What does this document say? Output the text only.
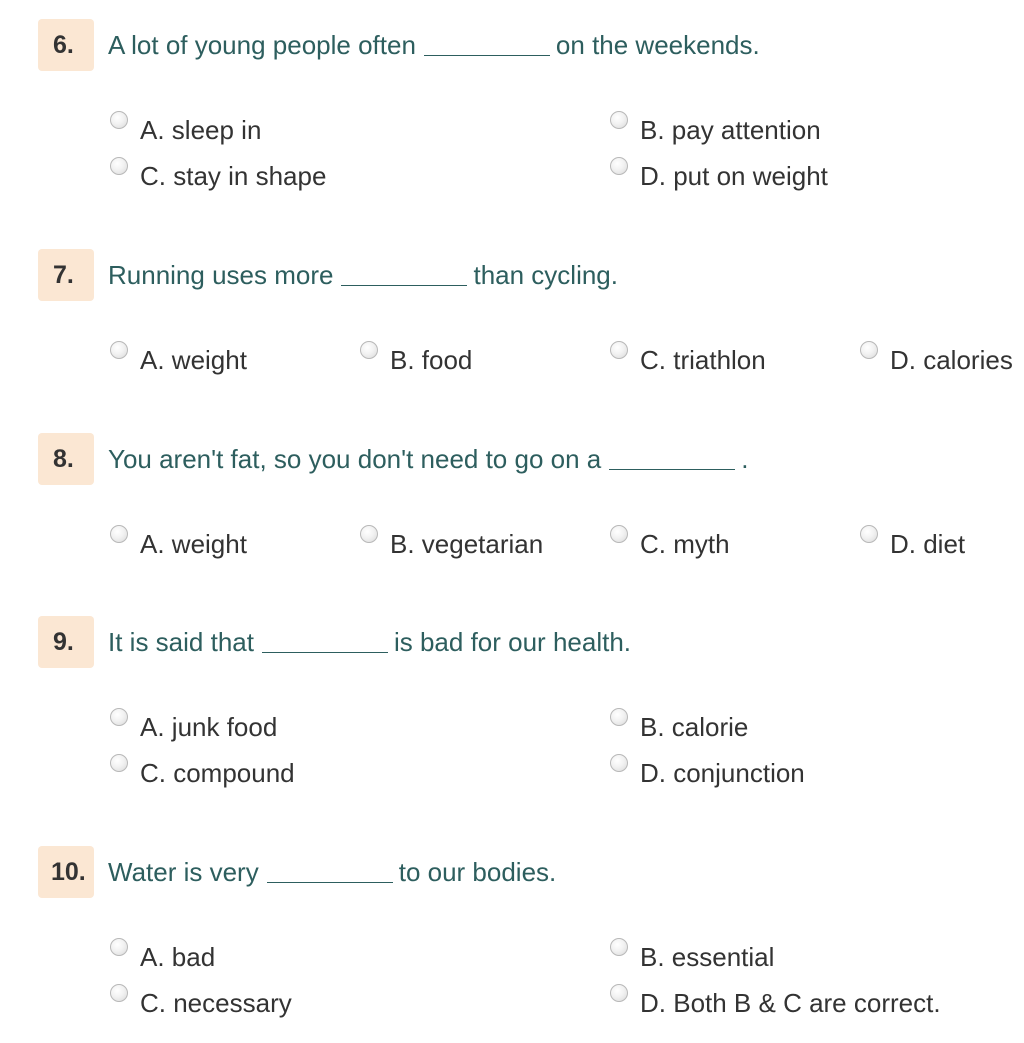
6.	A lot of young people often	on the weekends.
A. sleep in	B. pay attention
C. stay in shape	D. put on weight
7.	Running uses more	than cycling.
A. weight	B. food	C. triathlon	D. calories
8.	You aren't fat, so you don't need to go on a	.
A. weight	B. vegetarian	C. myth	D. diet
9.	It is said that	is bad for our health.
A. junk food	B. calorie
C. compound	D. conjunction
10. Water is very	to our bodies.
A. bad	B. essential
C. necessary	D. Both B & C are correct.
